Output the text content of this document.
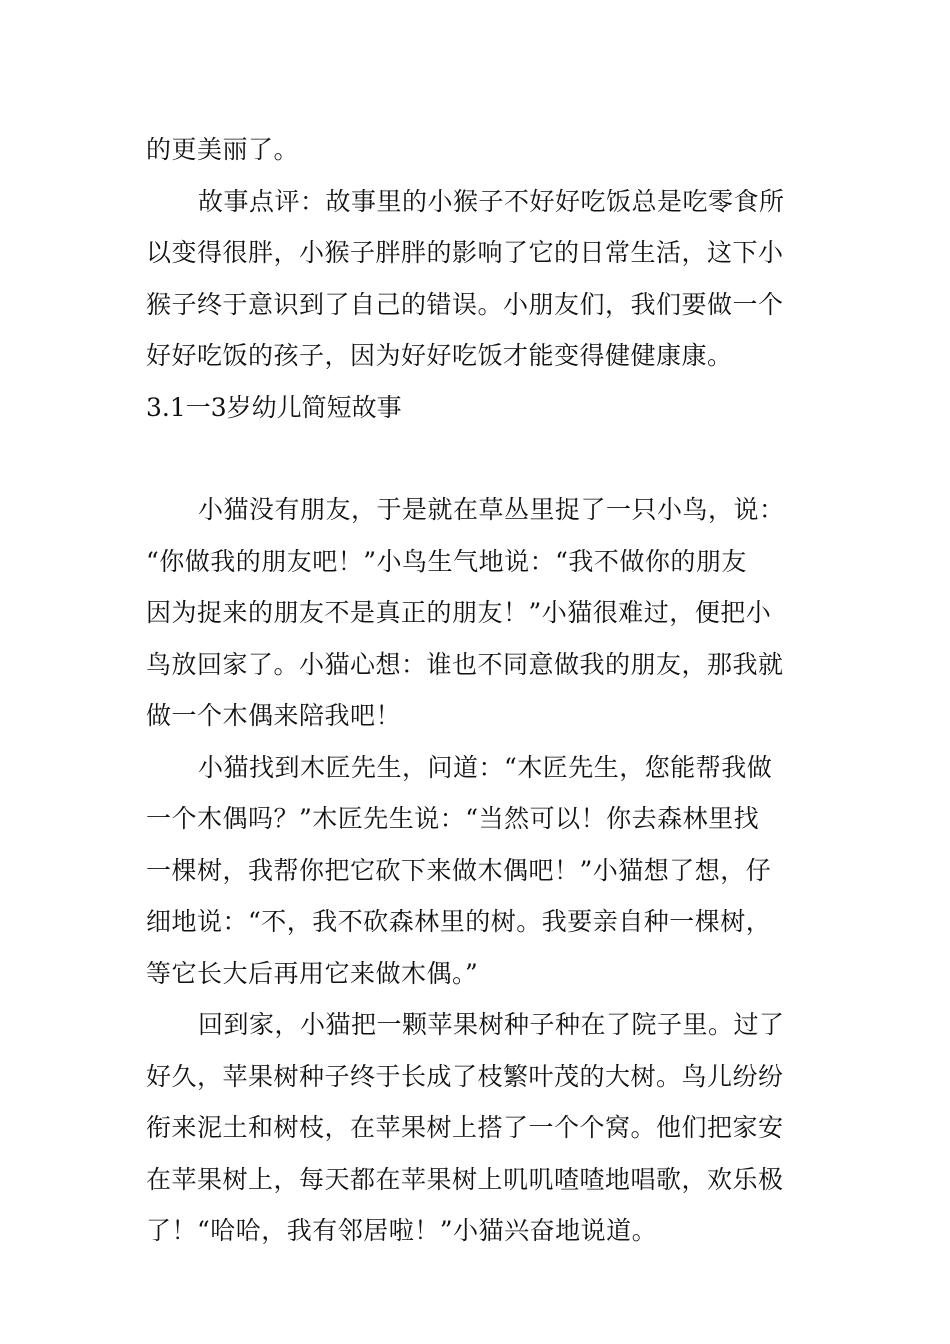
的更美丽了。
故事点评：故事里的小猴子不好好吃饭总是吃零食所
以变得很胖，小猴子胖胖的影响了它的日常生活，这下小
猴子终于意识到了自己的错误。小朋友们，我们要做一个
好好吃饭的孩子，因为好好吃饭才能变得健健康康。
3.1一3岁幼儿简短故事
小猫没有朋友，于是就在草丛里捉了一只小鸟，说：
“你做我的朋友吧！”小鸟生气地说：“我不做你的朋友
因为捉来的朋友不是真正的朋友！”小猫很难过，便把小
鸟放回家了。小猫心想：谁也不同意做我的朋友，那我就
做一个木偶来陪我吧！
小猫找到木匠先生，问道：“木匠先生，您能帮我做
一个木偶吗？”木匠先生说：“当然可以！你去森林里找
一棵树，我帮你把它砍下来做木偶吧！”小猫想了想，仔
细地说：“不，我不砍森林里的树。我要亲自种一棵树，
等它长大后再用它来做木偶。”
回到家，小猫把一颗苹果树种子种在了院子里。过了
好久，苹果树种子终于长成了枝繁叶茂的大树。鸟儿纷纷
衔来泥土和树枝，在苹果树上搭了一个个窝。他们把家安
在苹果树上，每天都在苹果树上叽叽喳喳地唱歌，欢乐极
了！“哈哈，我有邻居啦！”小猫兴奋地说道。
